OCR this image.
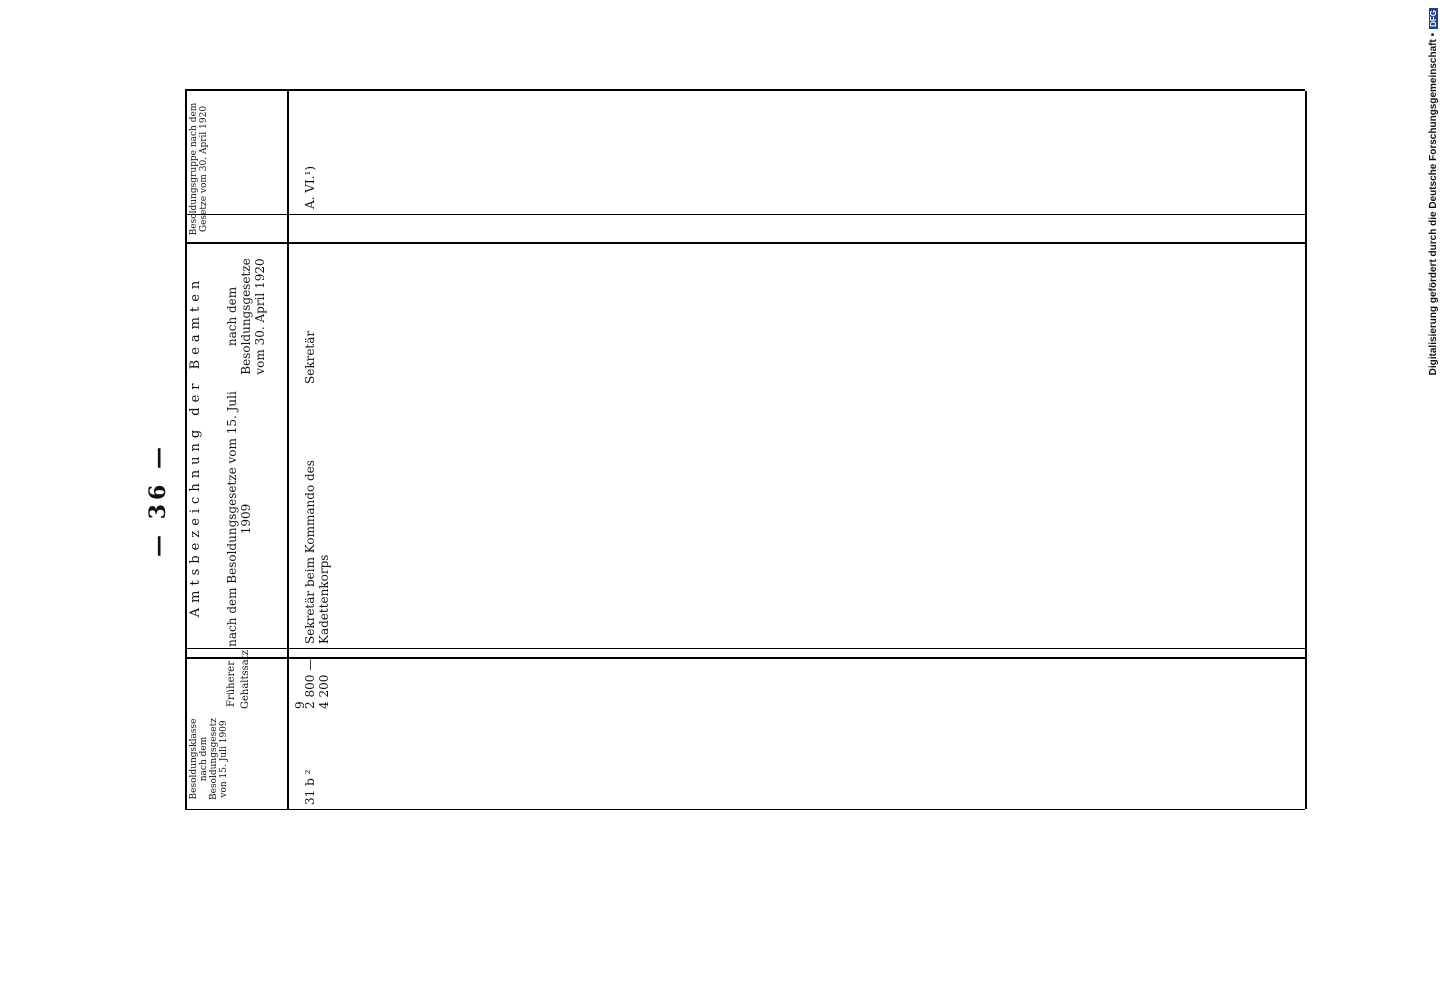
Digitalisierung gefördert durch die Deutsche Forschungsgemeinschaft •
DFG
— 36 —
Besoldungsklasse nach dem Besoldungsgesetz von 15. Juli 1909
Früherer Gehaltssatz
Amtsbezeichnung der Beamten nach dem Besoldungsgesetze vom 15. Juli 1909
nach dem Besoldungsgesetze vom 30. April 1920
Besoldungsgruppe nach dem Gesetze vom 30. April 1920
31 b ²
9
2 800 — 4 200
Sekretär beim Kommando des Kadettenkorps
Sekretär
A. VI.¹)
